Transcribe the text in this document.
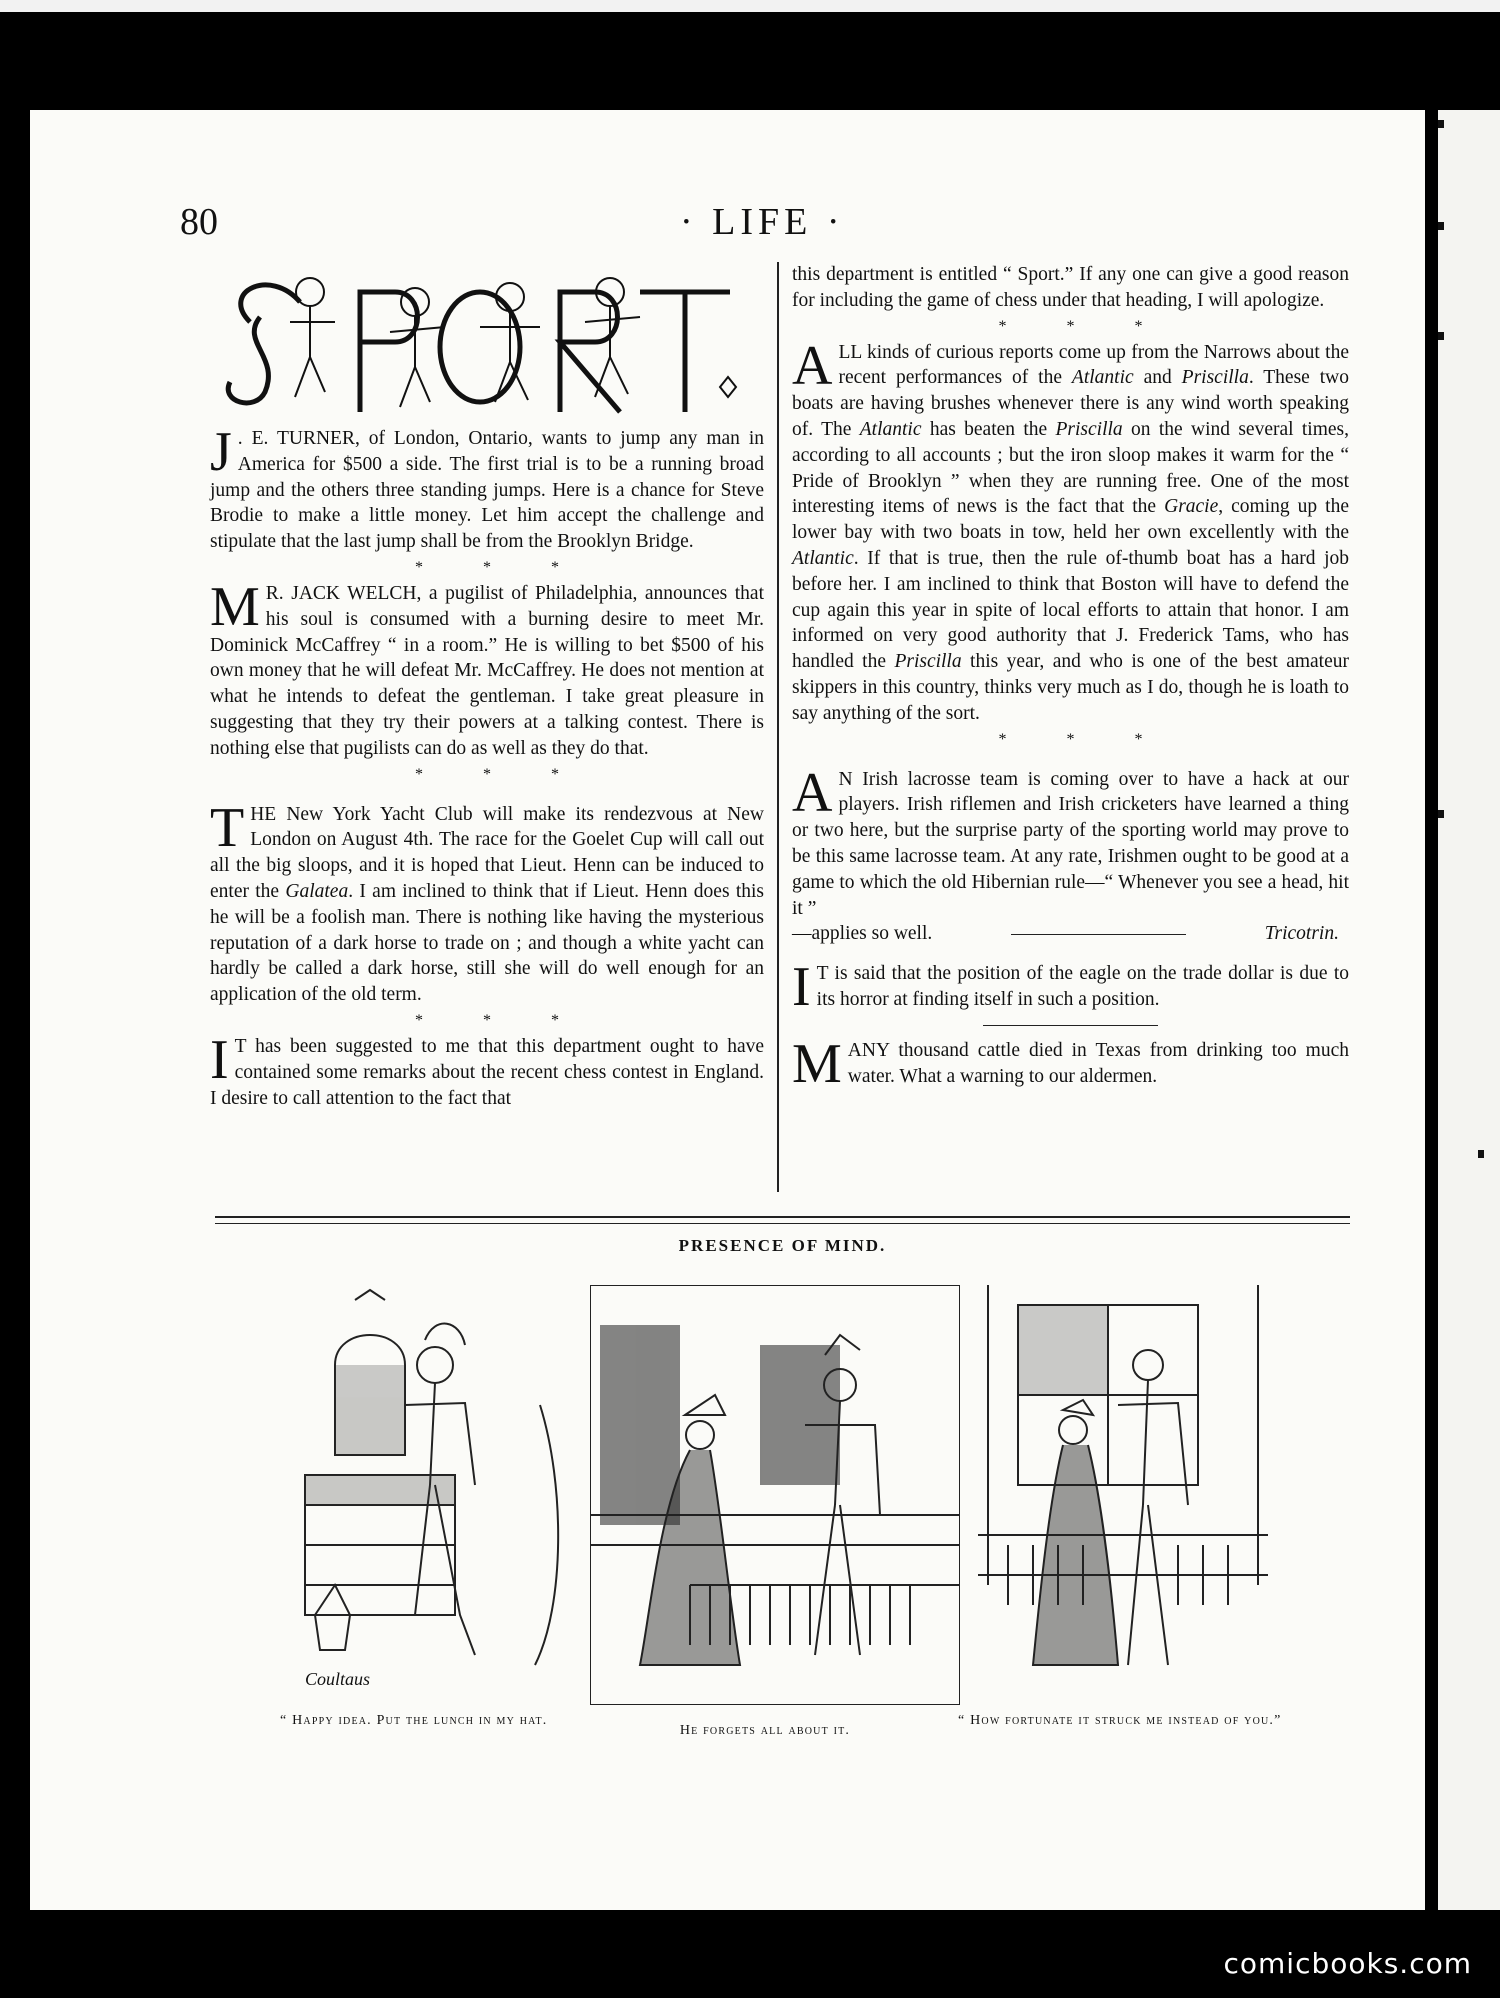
80	· LIFE ·

J . E. TURNER, of London, Ontario, wants to jump any man in America for $500 a side. The first trial is to be a running broad jump and the others three standing jumps. Here is a chance for Steve Brodie to make a little money. Let him accept the challenge and stipulate that the last jump shall be from the Brooklyn Bridge.

* * *

M R. JACK WELCH, a pugilist of Philadelphia, announces that his soul is consumed with a burning desire to meet Mr. Dominick McCaffrey “ in a room.” He is willing to bet $500 of his own money that he will defeat Mr. McCaffrey. He does not mention at what he intends to defeat the gentleman. I take great pleasure in suggesting that they try their powers at a talking contest. There is nothing else that pugilists can do as well as they do that.

* * *

THE New York Yacht Club will make its rendezvous at New London on August 4th. The race for the Goelet Cup will call out all the big sloops, and it is hoped that Lieut. Henn can be induced to enter the Galatea. I am inclined to think that if Lieut. Henn does this he will be a foolish man. There is nothing like having the mysterious reputation of a dark horse to trade on ; and though a white yacht can hardly be called a dark horse, still she will do well enough for an application of the old term.

* * *

I T has been suggested to me that this department ought to have contained some remarks about the recent chess contest in England. I desire to call attention to the fact that

this department is entitled “ Sport.” If any one can give a good reason for including the game of chess under that heading, I will apologize.

* * *

ALL kinds of curious reports come up from the Narrows about the recent performances of the Atlantic and Priscilla. These two boats are having brushes whenever there is any wind worth speaking of. The Atlantic has beaten the Priscilla on the wind several times, according to all accounts ; but the iron sloop makes it warm for the “ Pride of Brooklyn ” when they are running free. One of the most interesting items of news is the fact that the Gracie, coming up the lower bay with two boats in tow, held her own excellently with the Atlantic. If that is true, then the rule of-thumb boat has a hard job before her. I am inclined to think that Boston will have to defend the cup again this year in spite of local efforts to attain that honor. I am informed on very good authority that J. Frederick Tams, who has handled the Priscilla this year, and who is one of the best amateur skippers in this country, thinks very much as I do, though he is loath to say anything of the sort.

* * *

A N Irish lacrosse team is coming over to have a hack at our players. Irish riflemen and Irish cricketers have learned a thing or two here, but the surprise party of the sporting world may prove to be this same lacrosse team. At any rate, Irishmen ought to be good at a game to which the old Hibernian rule—“ Whenever you see a head, hit it ”

—applies so well.	Tricotrin.

I T is said that the position of the eagle on the trade dollar is due to its horror at finding itself in such a position.

MANY thousand cattle died in Texas from drinking too much water. What a warning to our aldermen.

PRESENCE OF MIND.
Coultaus
“ Happy idea. Put the lunch in my hat.
He forgets all about it.
“ How fortunate it struck me instead of you.”
comicbooks.com
